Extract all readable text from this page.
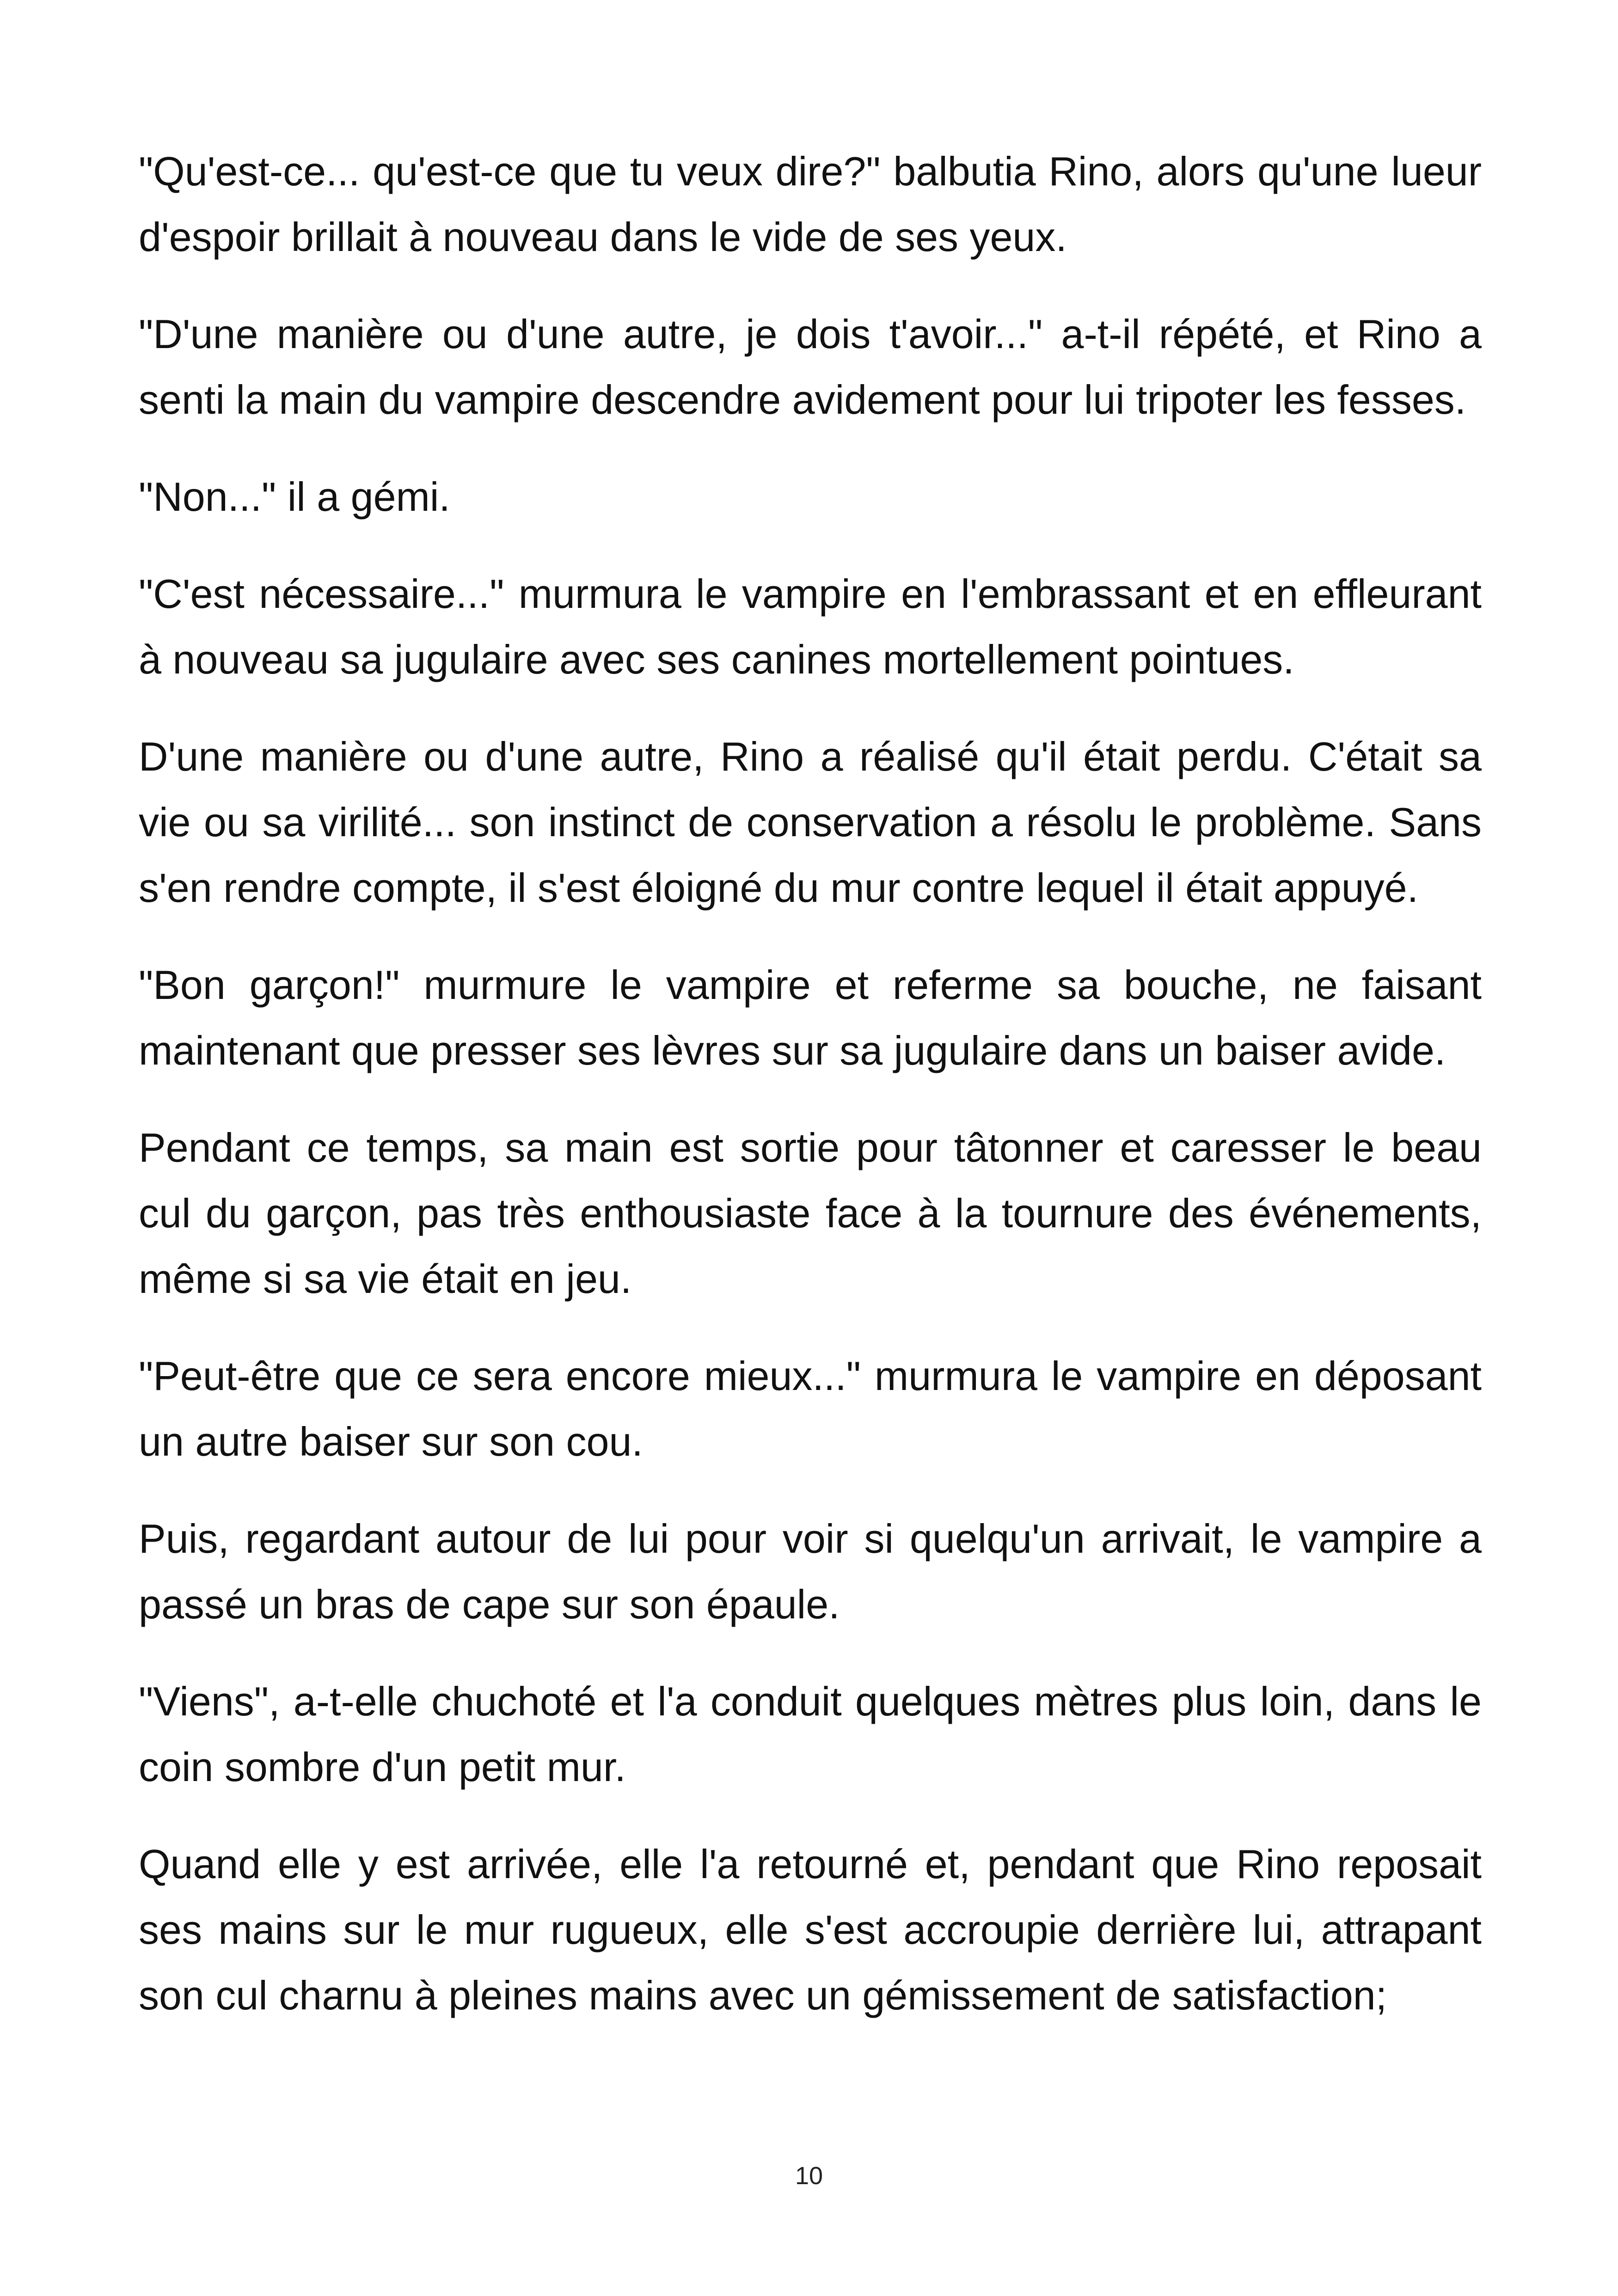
"Qu'est-ce... qu'est-ce que tu veux dire?" balbutia Rino, alors qu'une lueur d'espoir brillait à nouveau dans le vide de ses yeux.

"D'une manière ou d'une autre, je dois t'avoir..." a-t-il répété, et Rino a senti la main du vampire descendre avidement pour lui tripoter les fesses.

"Non..." il a gémi.

"C'est nécessaire..." murmura le vampire en l'embrassant et en effleurant à nouveau sa jugulaire avec ses canines mortellement pointues.

D'une manière ou d'une autre, Rino a réalisé qu'il était perdu. C'était sa vie ou sa virilité... son instinct de conservation a résolu le problème. Sans s'en rendre compte, il s'est éloigné du mur contre lequel il était appuyé.

"Bon garçon!" murmure le vampire et referme sa bouche, ne faisant maintenant que presser ses lèvres sur sa jugulaire dans un baiser avide.

Pendant ce temps, sa main est sortie pour tâtonner et caresser le beau cul du garçon, pas très enthousiaste face à la tournure des événements, même si sa vie était en jeu.

"Peut-être que ce sera encore mieux..." murmura le vampire en déposant un autre baiser sur son cou.

Puis, regardant autour de lui pour voir si quelqu'un arrivait, le vampire a passé un bras de cape sur son épaule.

"Viens", a-t-elle chuchoté et l'a conduit quelques mètres plus loin, dans le coin sombre d'un petit mur.

Quand elle y est arrivée, elle l'a retourné et, pendant que Rino reposait ses mains sur le mur rugueux, elle s'est accroupie derrière lui, attrapant son cul charnu à pleines mains avec un gémissement de satisfaction;

10
